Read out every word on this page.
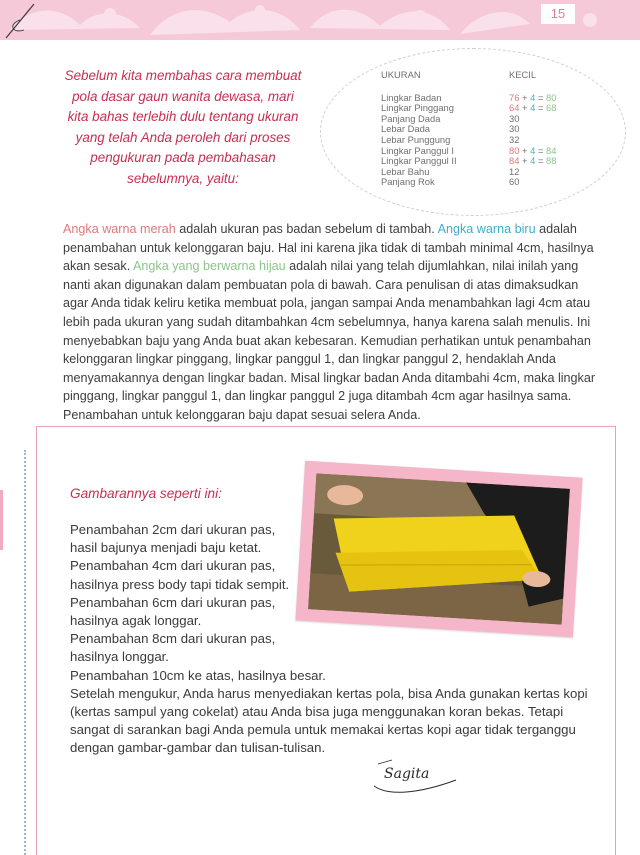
15
Sebelum kita membahas cara membuat pola dasar gaun wanita dewasa, mari kita bahas terlebih dulu tentang ukuran yang telah Anda peroleh dari proses pengukuran pada pembahasan sebelumnya, yaitu:
UKURAN	KECIL
Lingkar Badan	76 + 4 = 80
Lingkar Pinggang	64 + 4 = 68
Panjang Dada	30
Lebar Dada	30
Lebar Punggung	32
Lingkar Panggul I	80 + 4 = 84
Lingkar Panggul II	84 + 4 = 88
Lebar Bahu	12
Panjang Rok	60
Angka warna merah adalah ukuran pas badan sebelum di tambah. Angka warna biru adalah penambahan untuk kelonggaran baju. Hal ini karena jika tidak di tambah minimal 4cm, hasilnya akan sesak. Angka yang berwarna hijau adalah nilai yang telah dijumlahkan, nilai inilah yang nanti akan digunakan dalam pembuatan pola di bawah. Cara penulisan di atas dimaksudkan agar Anda tidak keliru ketika membuat pola, jangan sampai Anda menambahkan lagi 4cm atau lebih pada ukuran yang sudah ditambahkan 4cm sebelumnya, hanya karena salah menulis. Ini menyebabkan baju yang Anda buat akan kebesaran. Kemudian perhatikan untuk penambahan kelonggaran lingkar pinggang, lingkar panggul 1, dan lingkar panggul 2, hendaklah Anda menyamakannya dengan lingkar badan. Misal lingkar badan Anda ditambahi 4cm, maka lingkar pinggang, lingkar panggul 1, dan lingkar panggul 2 juga ditambah 4cm agar hasilnya sama. Penambahan untuk kelonggaran baju dapat sesuai selera Anda.
Gambarannya seperti ini:
Penambahan 2cm dari ukuran pas,
hasil bajunya menjadi baju ketat.
Penambahan 4cm dari ukuran pas,
hasilnya press body tapi tidak sempit.
Penambahan 6cm dari ukuran pas,
hasilnya agak longgar.
Penambahan 8cm dari ukuran pas,
hasilnya longgar.
Penambahan 10cm ke atas, hasilnya besar.
Setelah mengukur, Anda harus menyediakan kertas pola, bisa Anda gunakan kertas kopi (kertas sampul yang cokelat) atau Anda bisa juga menggunakan koran bekas. Tetapi sangat di sarankan bagi Anda pemula untuk memakai kertas kopi agar tidak terganggu dengan gambar-gambar dan tulisan-tulisan.
Sagita
